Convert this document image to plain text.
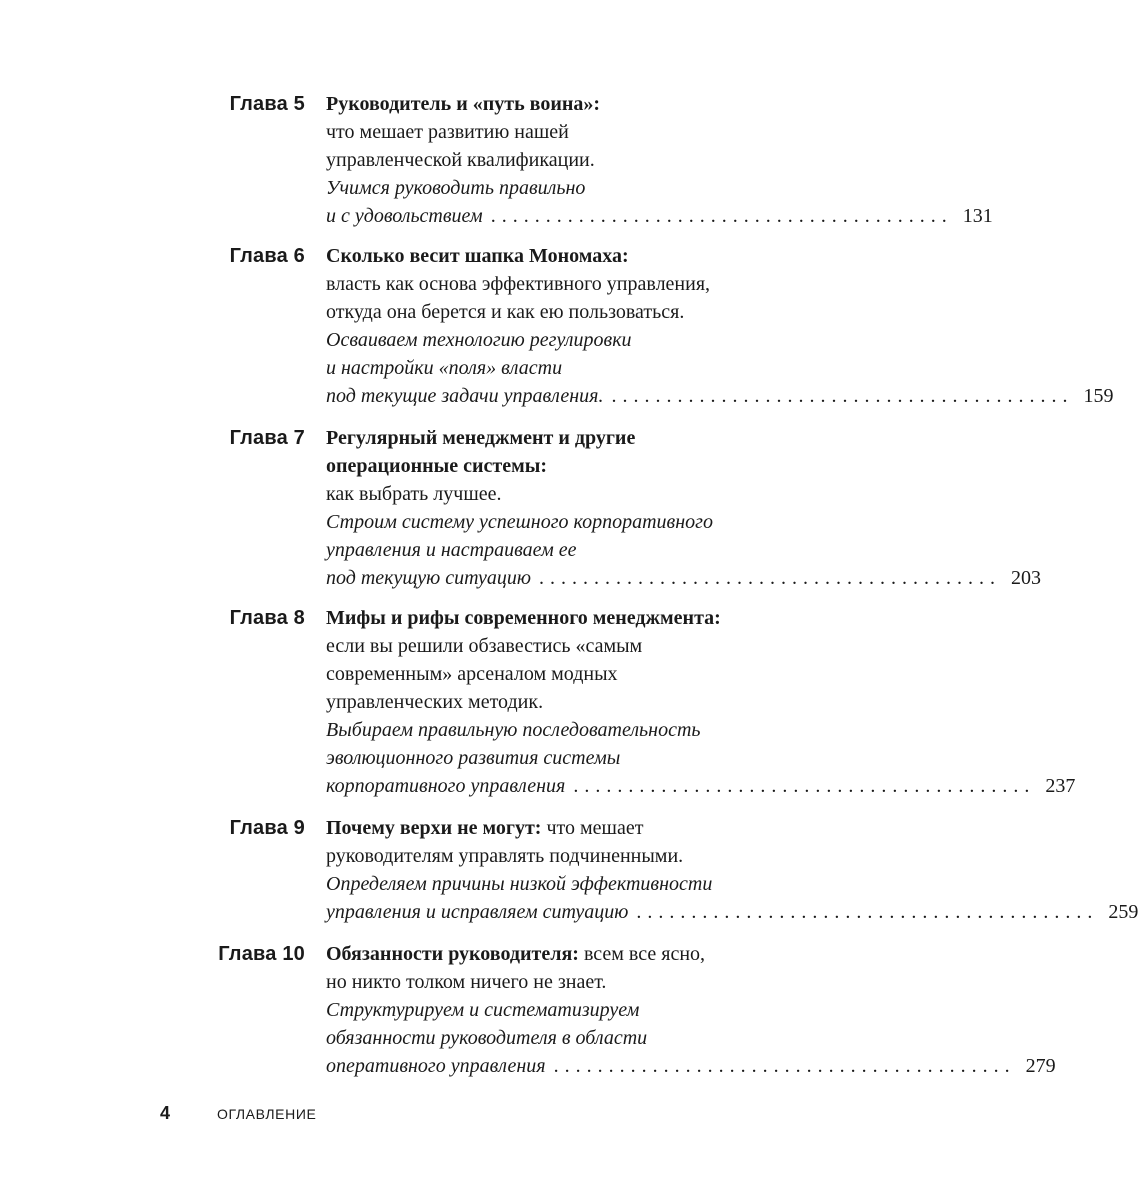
Глава 5 Руководитель и «путь воина»:
что мешает развитию нашей
управленческой квалификации.
Учимся руководить правильно
и с удовольствием .......................................... 131
Глава 6 Сколько весит шапка Мономаха:
власть как основа эффективного управления,
откуда она берется и как ею пользоваться.
Осваиваем технологию регулировки
и настройки «поля» власти
под текущие задачи управления. .......................................... 159
Глава 7 Регулярный менеджмент и другие
операционные системы:
как выбрать лучшее.
Строим систему успешного корпоративного
управления и настраиваем ее
под текущую ситуацию .......................................... 203
Глава 8 Мифы и рифы современного менеджмента:
если вы решили обзавестись «самым
современным» арсеналом модных
управленческих методик.
Выбираем правильную последовательность
эволюционного развития системы
корпоративного управления .......................................... 237
Глава 9 Почему верхи не могут: что мешает
руководителям управлять подчиненными.
Определяем причины низкой эффективности
управления и исправляем ситуацию .......................................... 259
Глава 10 Обязанности руководителя: всем все ясно,
но никто толком ничего не знает.
Структурируем и систематизируем
обязанности руководителя в области
оперативного управления .......................................... 279
4	ОГЛАВЛЕНИЕ
